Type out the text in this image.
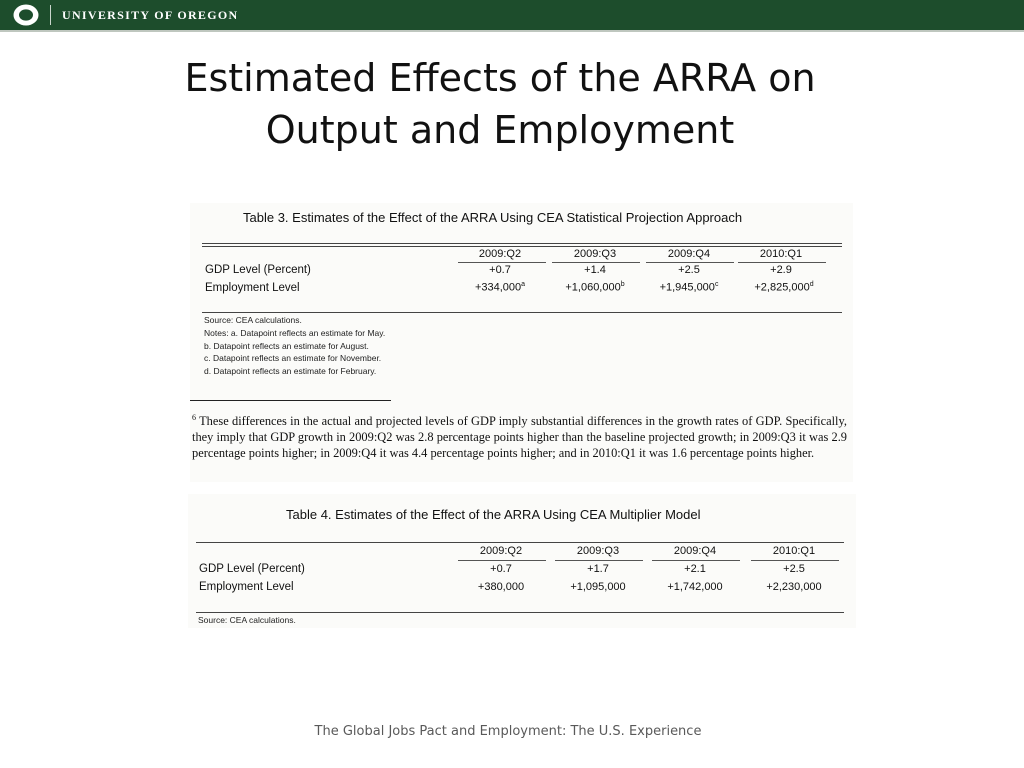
UNIVERSITY OF OREGON
Estimated Effects of the ARRA on
Output and Employment
Table 3. Estimates of the Effect of the ARRA Using CEA Statistical Projection Approach
2009:Q2	2009:Q3	2009:Q4	2010:Q1
GDP Level (Percent)	+0.7	+1.4	+2.5	+2.9
Employment Level	+334,000$^a$	+1,060,000$^b$	+1,945,000$^c$	+2,825,000$^d$
Source: CEA calculations.
Notes: a. Datapoint reflects an estimate for May.
b. Datapoint reflects an estimate for August.
c. Datapoint reflects an estimate for November.
d. Datapoint reflects an estimate for February.
$^6$ These differences in the actual and projected levels of GDP imply substantial differences in the growth rates of GDP. Specifically, they imply that GDP growth in 2009:Q2 was 2.8 percentage points higher than the baseline projected growth; in 2009:Q3 it was 2.9 percentage points higher; in 2009:Q4 it was 4.4 percentage points higher; and in 2010:Q1 it was 1.6 percentage points higher.
Table 4. Estimates of the Effect of the ARRA Using CEA Multiplier Model
2009:Q2	2009:Q3	2009:Q4	2010:Q1
GDP Level (Percent)	+0.7	+1.7	+2.1	+2.5
Employment Level	+380,000	+1,095,000	+1,742,000	+2,230,000
Source: CEA calculations.
The Global Jobs Pact and Employment: The U.S. Experience
